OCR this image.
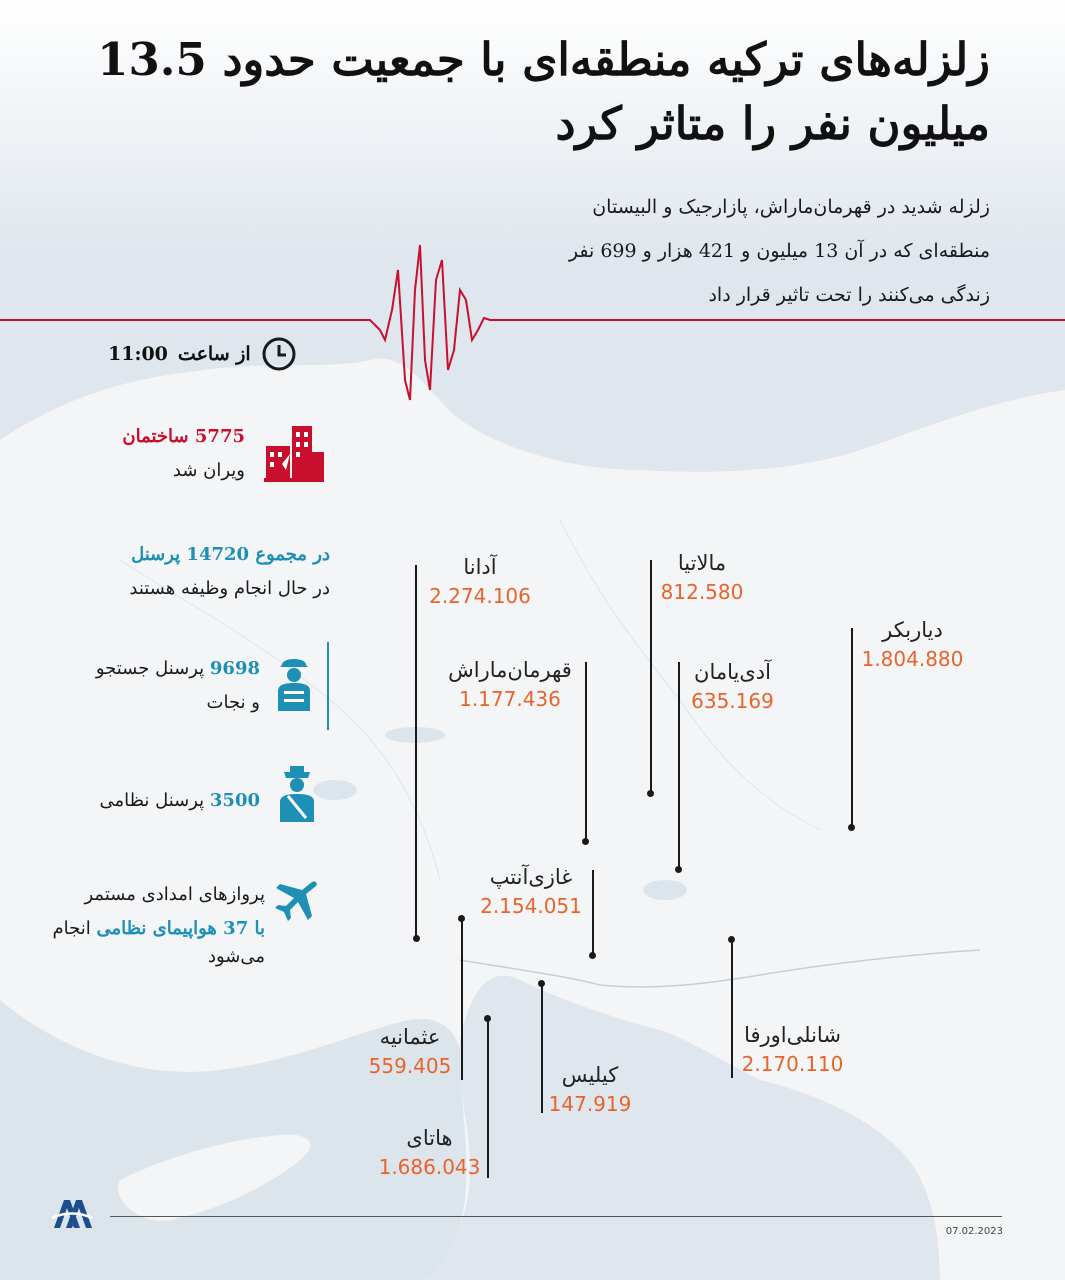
زلزله‌های ترکیه منطقه‌ای با جمعیت حدود 13.5 میلیون نفر را متاثر کرد
زلزله شدید در قهرمان‌ماراش، پازارجیک و البیستان
منطقه‌ای که در آن 13 میلیون و 421 هزار و 699 نفر
زندگی می‌کنند را تحت تاثیر قرار داد
11:00 از ساعت
5775 ساختمان
ویران شد
در مجموع 14720 پرسنل
در حال انجام وظیفه هستند
9698 پرسنل جستجو
و نجات
3500 پرسنل نظامی
پروازهای امدادی مستمر
با 37 هواپیمای نظامی انجام
می‌شود
آدانا
2.274.106
مالاتیا
812.580
دیاربکر
1.804.880
قهرمان‌ماراش
1.177.436
آدی‌یامان
635.169
غازی‌آنتپ
2.154.051
شانلی‌اورفا
2.170.110
عثمانیه
559.405	کیلیس
147.919
هاتای
1.686.043
07.02.2023
